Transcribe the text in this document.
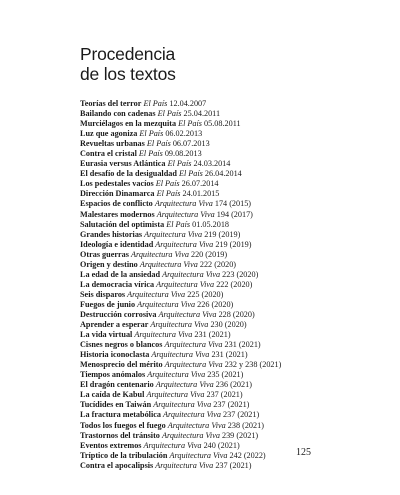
Procedencia
de los textos
Teorías del terror El País 12.04.2007
Bailando con cadenas El País 25.04.2011
Murciélagos en la mezquita El País 05.08.2011
Luz que agoniza El País 06.02.2013
Revueltas urbanas El País 06.07.2013
Contra el cristal El País 09.08.2013
Eurasia versus Atlántica El País 24.03.2014
El desafío de la desigualdad El País 26.04.2014
Los pedestales vacíos El País 26.07.2014
Dirección Dinamarca El País 24.01.2015
Espacios de conflicto Arquitectura Viva 174 (2015)
Malestares modernos Arquitectura Viva 194 (2017)
Salutación del optimista El País 01.05.2018
Grandes historias Arquitectura Viva 219 (2019)
Ideología e identidad Arquitectura Viva 219 (2019)
Otras guerras Arquitectura Viva 220 (2019)
Origen y destino Arquitectura Viva 222 (2020)
La edad de la ansiedad Arquitectura Viva 223 (2020)
La democracia vírica Arquitectura Viva 222 (2020)
Seis disparos Arquitectura Viva 225 (2020)
Fuegos de junio Arquitectura Viva 226 (2020)
Destrucción corrosiva Arquitectura Viva 228 (2020)
Aprender a esperar Arquitectura Viva 230 (2020)
La vida virtual Arquitectura Viva 231 (2021)
Cisnes negros o blancos Arquitectura Viva 231 (2021)
Historia iconoclasta Arquitectura Viva 231 (2021)
Menosprecio del mérito Arquitectura Viva 232 y 238 (2021)
Tiempos anómalos Arquitectura Viva 235 (2021)
El dragón centenario Arquitectura Viva 236 (2021)
La caída de Kabul Arquitectura Viva 237 (2021)
Tucídides en Taiwán Arquitectura Viva 237 (2021)
La fractura metabólica Arquitectura Viva 237 (2021)
Todos los fuegos el fuego Arquitectura Viva 238 (2021)
Trastornos del tránsito Arquitectura Viva 239 (2021)
Eventos extremos Arquitectura Viva 240 (2021)
Tríptico de la tribulación Arquitectura Viva 242 (2022)
Contra el apocalipsis Arquitectura Viva 237 (2021)
125
